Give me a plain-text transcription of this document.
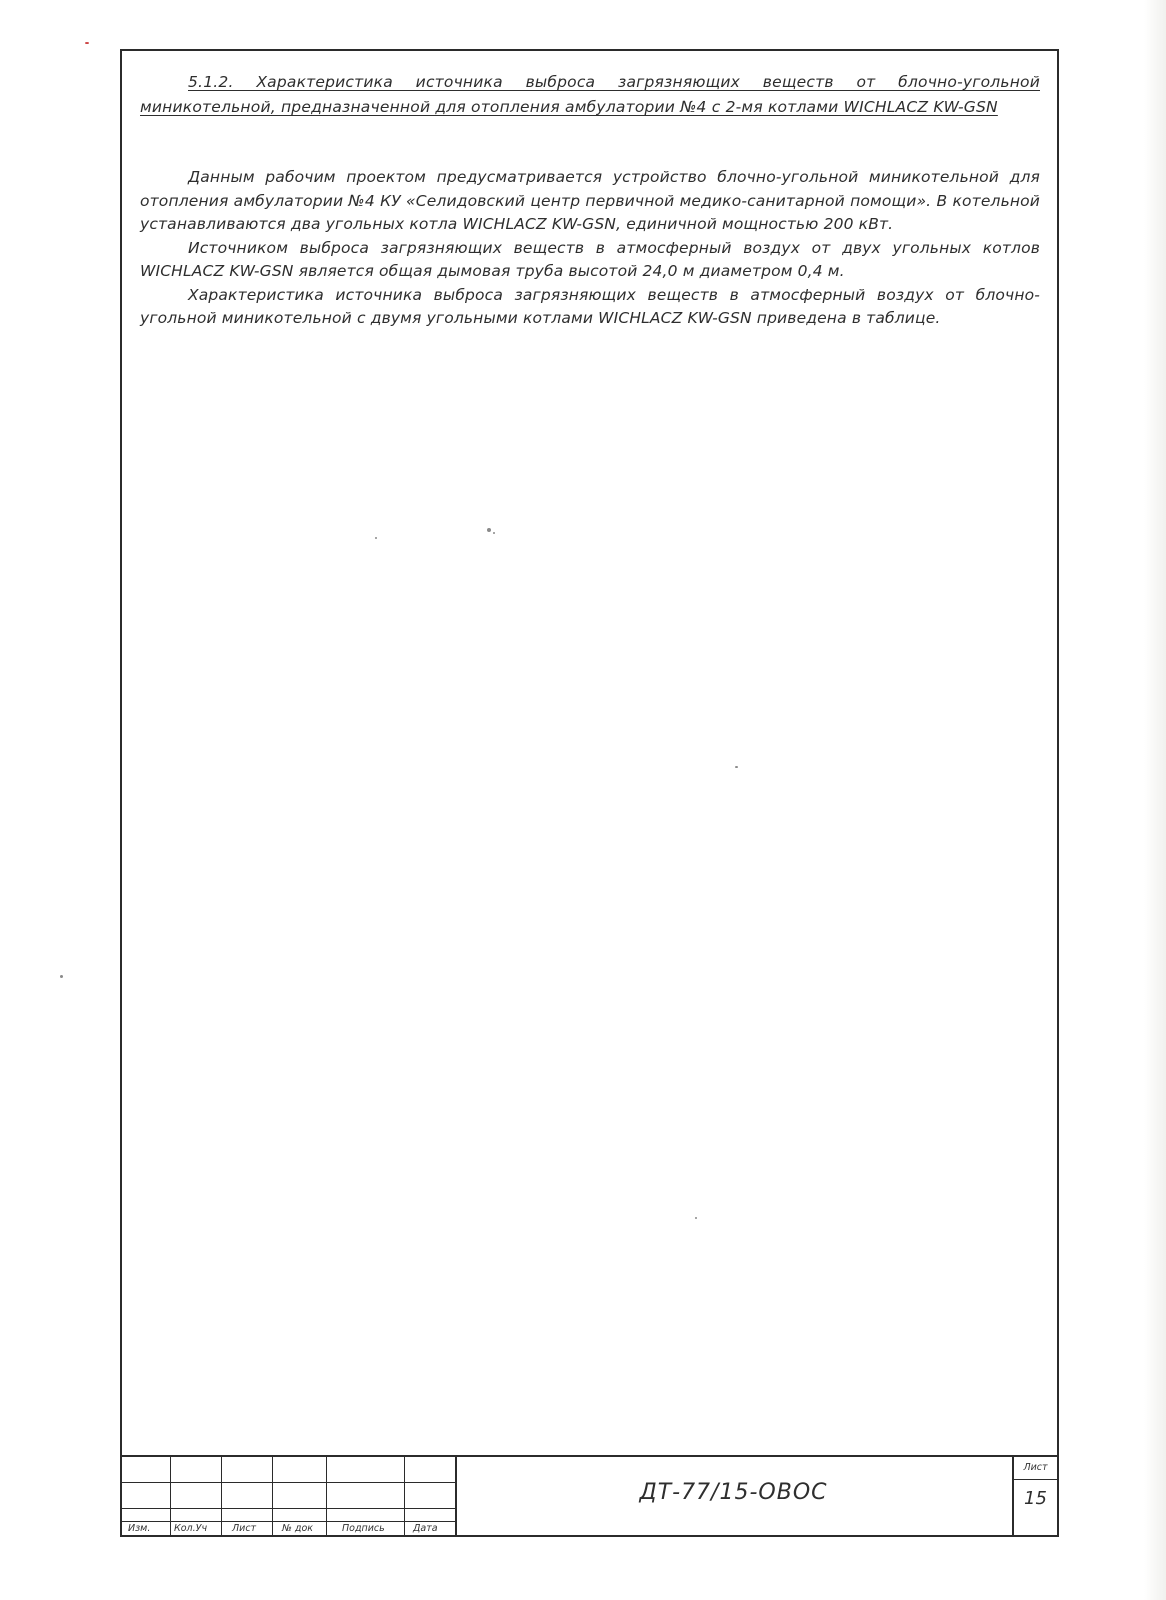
5.1.2. Характеристика источника выброса загрязняющих веществ от блочно-угольной миникотельной, предназначенной для отопления амбулатории №4 с 2-мя котлами WICHLACZ KW-GSN

Данным рабочим проектом предусматривается устройство блочно-угольной миникотельной для отопления амбулатории №4 КУ «Селидовский центр первичной медико-санитарной помощи». В котельной устанавливаются два угольных котла WICHLACZ KW-GSN, единичной мощностью 200 кВт.

Источником выброса загрязняющих веществ в атмосферный воздух от двух угольных котлов WICHLACZ KW-GSN является общая дымовая труба высотой 24,0 м диаметром 0,4 м.

Характеристика источника выброса загрязняющих веществ в атмосферный воздух от блочно-угольной миникотельной с двумя угольными котлами WICHLACZ KW-GSN приведена в таблице.

Изм. Кол.Уч	Лист	№ док	Подпись	Дата
ДТ-77/15-ОВОС
Лист
15
